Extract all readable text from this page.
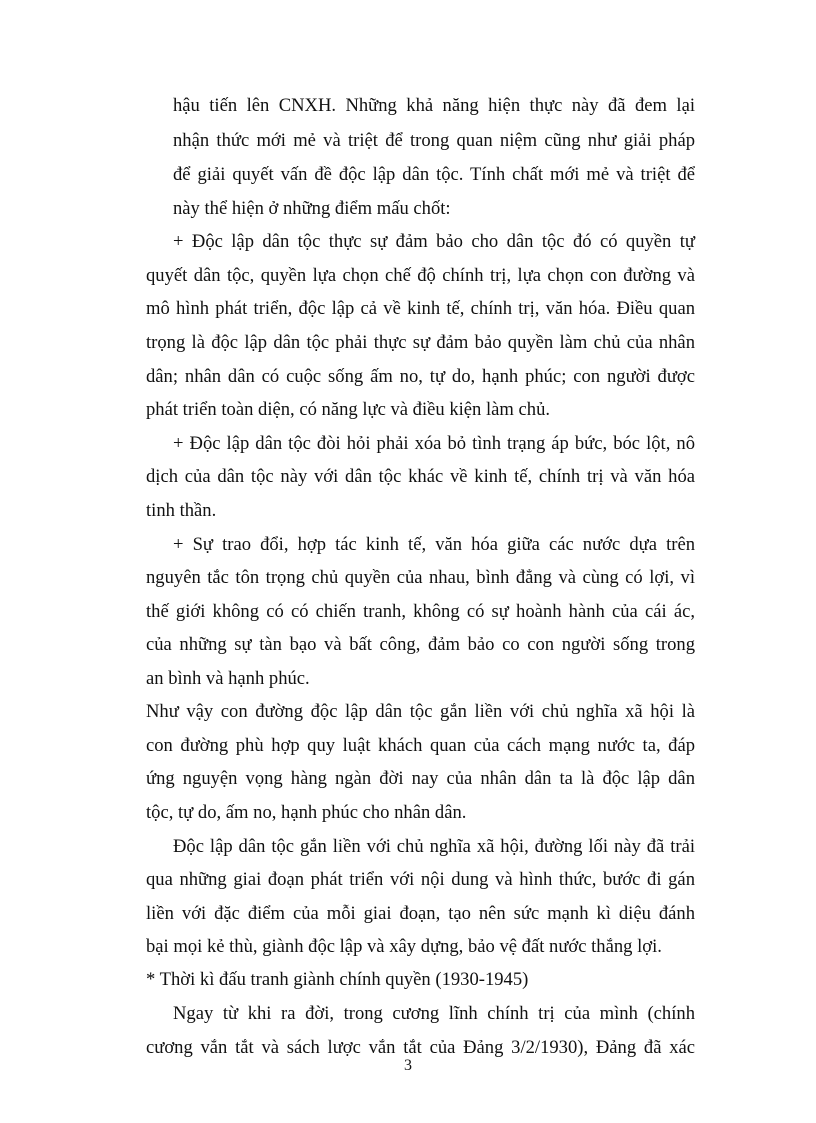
hậu tiến lên CNXH. Những khả năng hiện thực này đã đem lại
nhận thức mới mẻ và triệt để trong quan niệm cũng như giải pháp
để giải quyết vấn đề độc lập dân tộc. Tính chất mới mẻ và triệt để
này thể hiện ở những điểm mấu chốt:
+ Độc lập dân tộc thực sự đảm bảo cho dân tộc đó có quyền tự
quyết dân tộc, quyền lựa chọn chế độ chính trị, lựa chọn con đường và
mô hình phát triển, độc lập cả về kinh tế, chính trị, văn hóa. Điều quan
trọng là độc lập dân tộc phải thực sự đảm bảo quyền làm chủ của nhân
dân; nhân dân có cuộc sống ấm no, tự do, hạnh phúc; con người được
phát triển toàn diện, có năng lực và điều kiện làm chủ.
+ Độc lập dân tộc đòi hỏi phải xóa bỏ tình trạng áp bức, bóc lột, nô
dịch của dân tộc này với dân tộc khác về kinh tế, chính trị và văn hóa
tinh thần.
+ Sự trao đổi, hợp tác kinh tế, văn hóa giữa các nước dựa trên
nguyên tắc tôn trọng chủ quyền của nhau, bình đẳng và cùng có lợi, vì
thế giới không có có chiến tranh, không có sự hoành hành của cái ác,
của những sự tàn bạo và bất công, đảm bảo co con người sống trong
an bình và hạnh phúc.
Như vậy con đường độc lập dân tộc gắn liền với chủ nghĩa xã hội là
con đường phù hợp quy luật khách quan của cách mạng nước ta, đáp
ứng nguyện vọng hàng ngàn đời nay của nhân dân ta là độc lập dân
tộc, tự do, ấm no, hạnh phúc cho nhân dân.
Độc lập dân tộc gắn liền với chủ nghĩa xã hội, đường lối này đã trải
qua những giai đoạn phát triển với nội dung và hình thức, bước đi gán
liền với đặc điểm của mỗi giai đoạn, tạo nên sức mạnh kì diệu đánh
bại mọi kẻ thù, giành độc lập và xây dựng, bảo vệ đất nước thắng lợi.
* Thời kì đấu tranh giành chính quyền (1930-1945)
Ngay từ khi ra đời, trong cương lĩnh chính trị của mình (chính
cương vắn tắt và sách lược vắn tắt của Đảng 3/2/1930), Đảng đã xác
3
